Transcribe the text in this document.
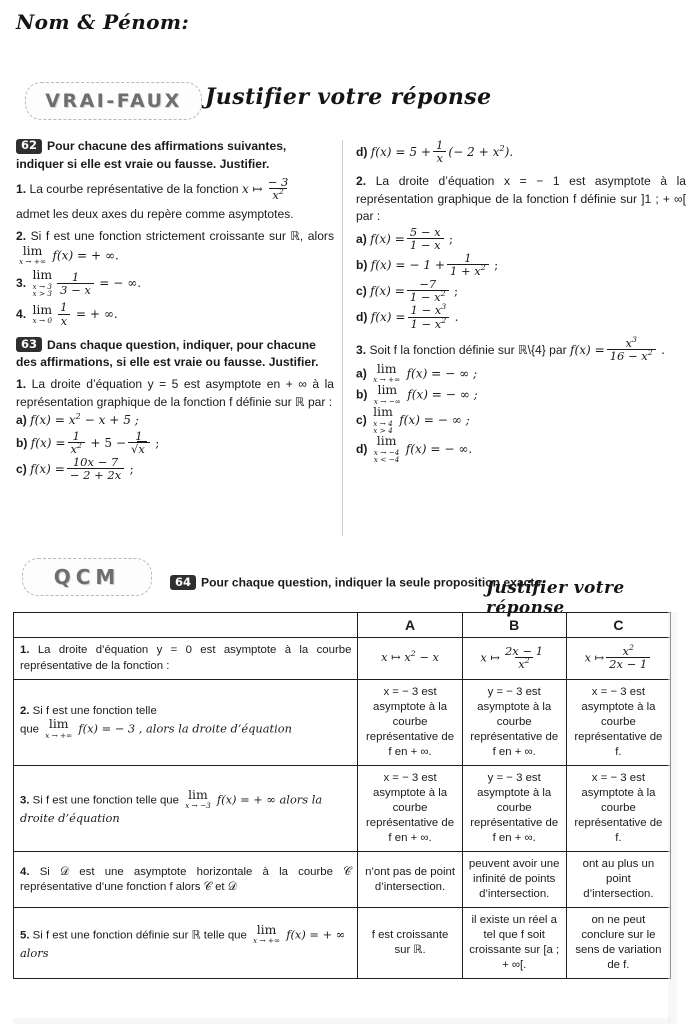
Nom & Pénom:
VRAI-FAUX Justifier votre réponse

62 Pour chacune des affirmations suivantes, indiquer si elle est vraie ou fausse. Justifier.

1. La courbe représentative de la fonction x ↦ $\frac{- 3}{x^2}$

admet les deux axes du repère comme asymptotes.

2. Si f est une fonction strictement croissante sur ℝ, alors
lim
x → +∞ f(x) = + ∞.

3.
lim
x → 3
$x > 3 \frac{1}{3 - x}$ = − ∞.

4. lim
$x \to 0 \frac{1}{x}$ = + ∞.

63 Dans chaque question, indiquer, pour chacune des affirmations, si elle est vraie ou fausse. Justifier.

1. La droite d’équation y = 5 est asymptote en + ∞ à la représentation graphique de la fonction f définie sur ℝ par :

a) $f(x) = x^2 - x + 5$ ;

b) $f(x) = \frac{1}{x^2} + 5 - \frac{1}{√x}$ ;

c) $f(x) = \frac{10x - 7}{- 2 + 2x}$ ;

d) $f(x) = 5 + \frac{1}{x}$ (− $2 + x^2$).

2. La droite d’équation x = − 1 est asymptote à la représentation graphique de la fonction f définie sur ]1 ; + ∞[ par :

a) $f(x) = \frac{5 - x}{1 - x}$ ;

b) f(x) = − $1 + \frac{1}{1 + x^2}$ ;

c) $f(x) = \frac{-7}{1 - x^2}$ ;

d) $f(x) = \frac{1 - x^3}{1 - x^2}$ .

3. Soit f la fonction définie sur ℝ\{4} par $f(x) = \frac{x^3}{16 - x^2}$ .

a) lim
x → +∞ f(x) = − ∞ ;

b) lim
x → −∞ f(x) = − ∞ ;

c)
lim
x → 4
x > 4
f(x) = − ∞ ;

d)
lim
x → −4
x < −4
f(x) = − ∞.

QCM	64 Pour chaque question, indiquer la seule proposition exacte.
Justifier votre réponse
	A	B	C

1. La droite d’équation y = 0 est asymptote à la courbe représentative de la fonction :	x ↦ $x^2 - x$	x ↦ $\frac{2x - 1}{x^2}$	x ↦ $\frac{x^2}{2x - 1}$

2. Si f est une fonction telle
que lim
x → +∞ f(x) = − 3 , alors la droite d’équation	x = − 3 est asymptote à la courbe représentative de f en + ∞.	y = − 3 est asymptote à la courbe représentative de f en + ∞.	x = − 3 est asymptote à la courbe représentative de f.
3. Si f est une fonction telle que lim
x → −3 f(x) = + ∞ alors la droite d’équation	x = − 3 est asymptote à la courbe représentative de f en + ∞.	y = − 3 est asymptote à la courbe représentative de f en + ∞.	x = − 3 est asymptote à la courbe représentative de f.

4. Si 𝒟 est une asymptote horizontale à la courbe 𝒞 représentative d’une fonction f alors 𝒞 et 𝒟	n’ont pas de point d’intersection.	peuvent avoir une infinité de points d’intersection.	ont au plus un point d’intersection.
5. Si f est une fonction définie sur ℝ telle que lim
x → +∞ f(x) = + ∞ alors	f est croissante sur ℝ.	il existe un réel a tel que f soit croissante sur [a ; + ∞[.	on ne peut conclure sur le sens de variation de f.
